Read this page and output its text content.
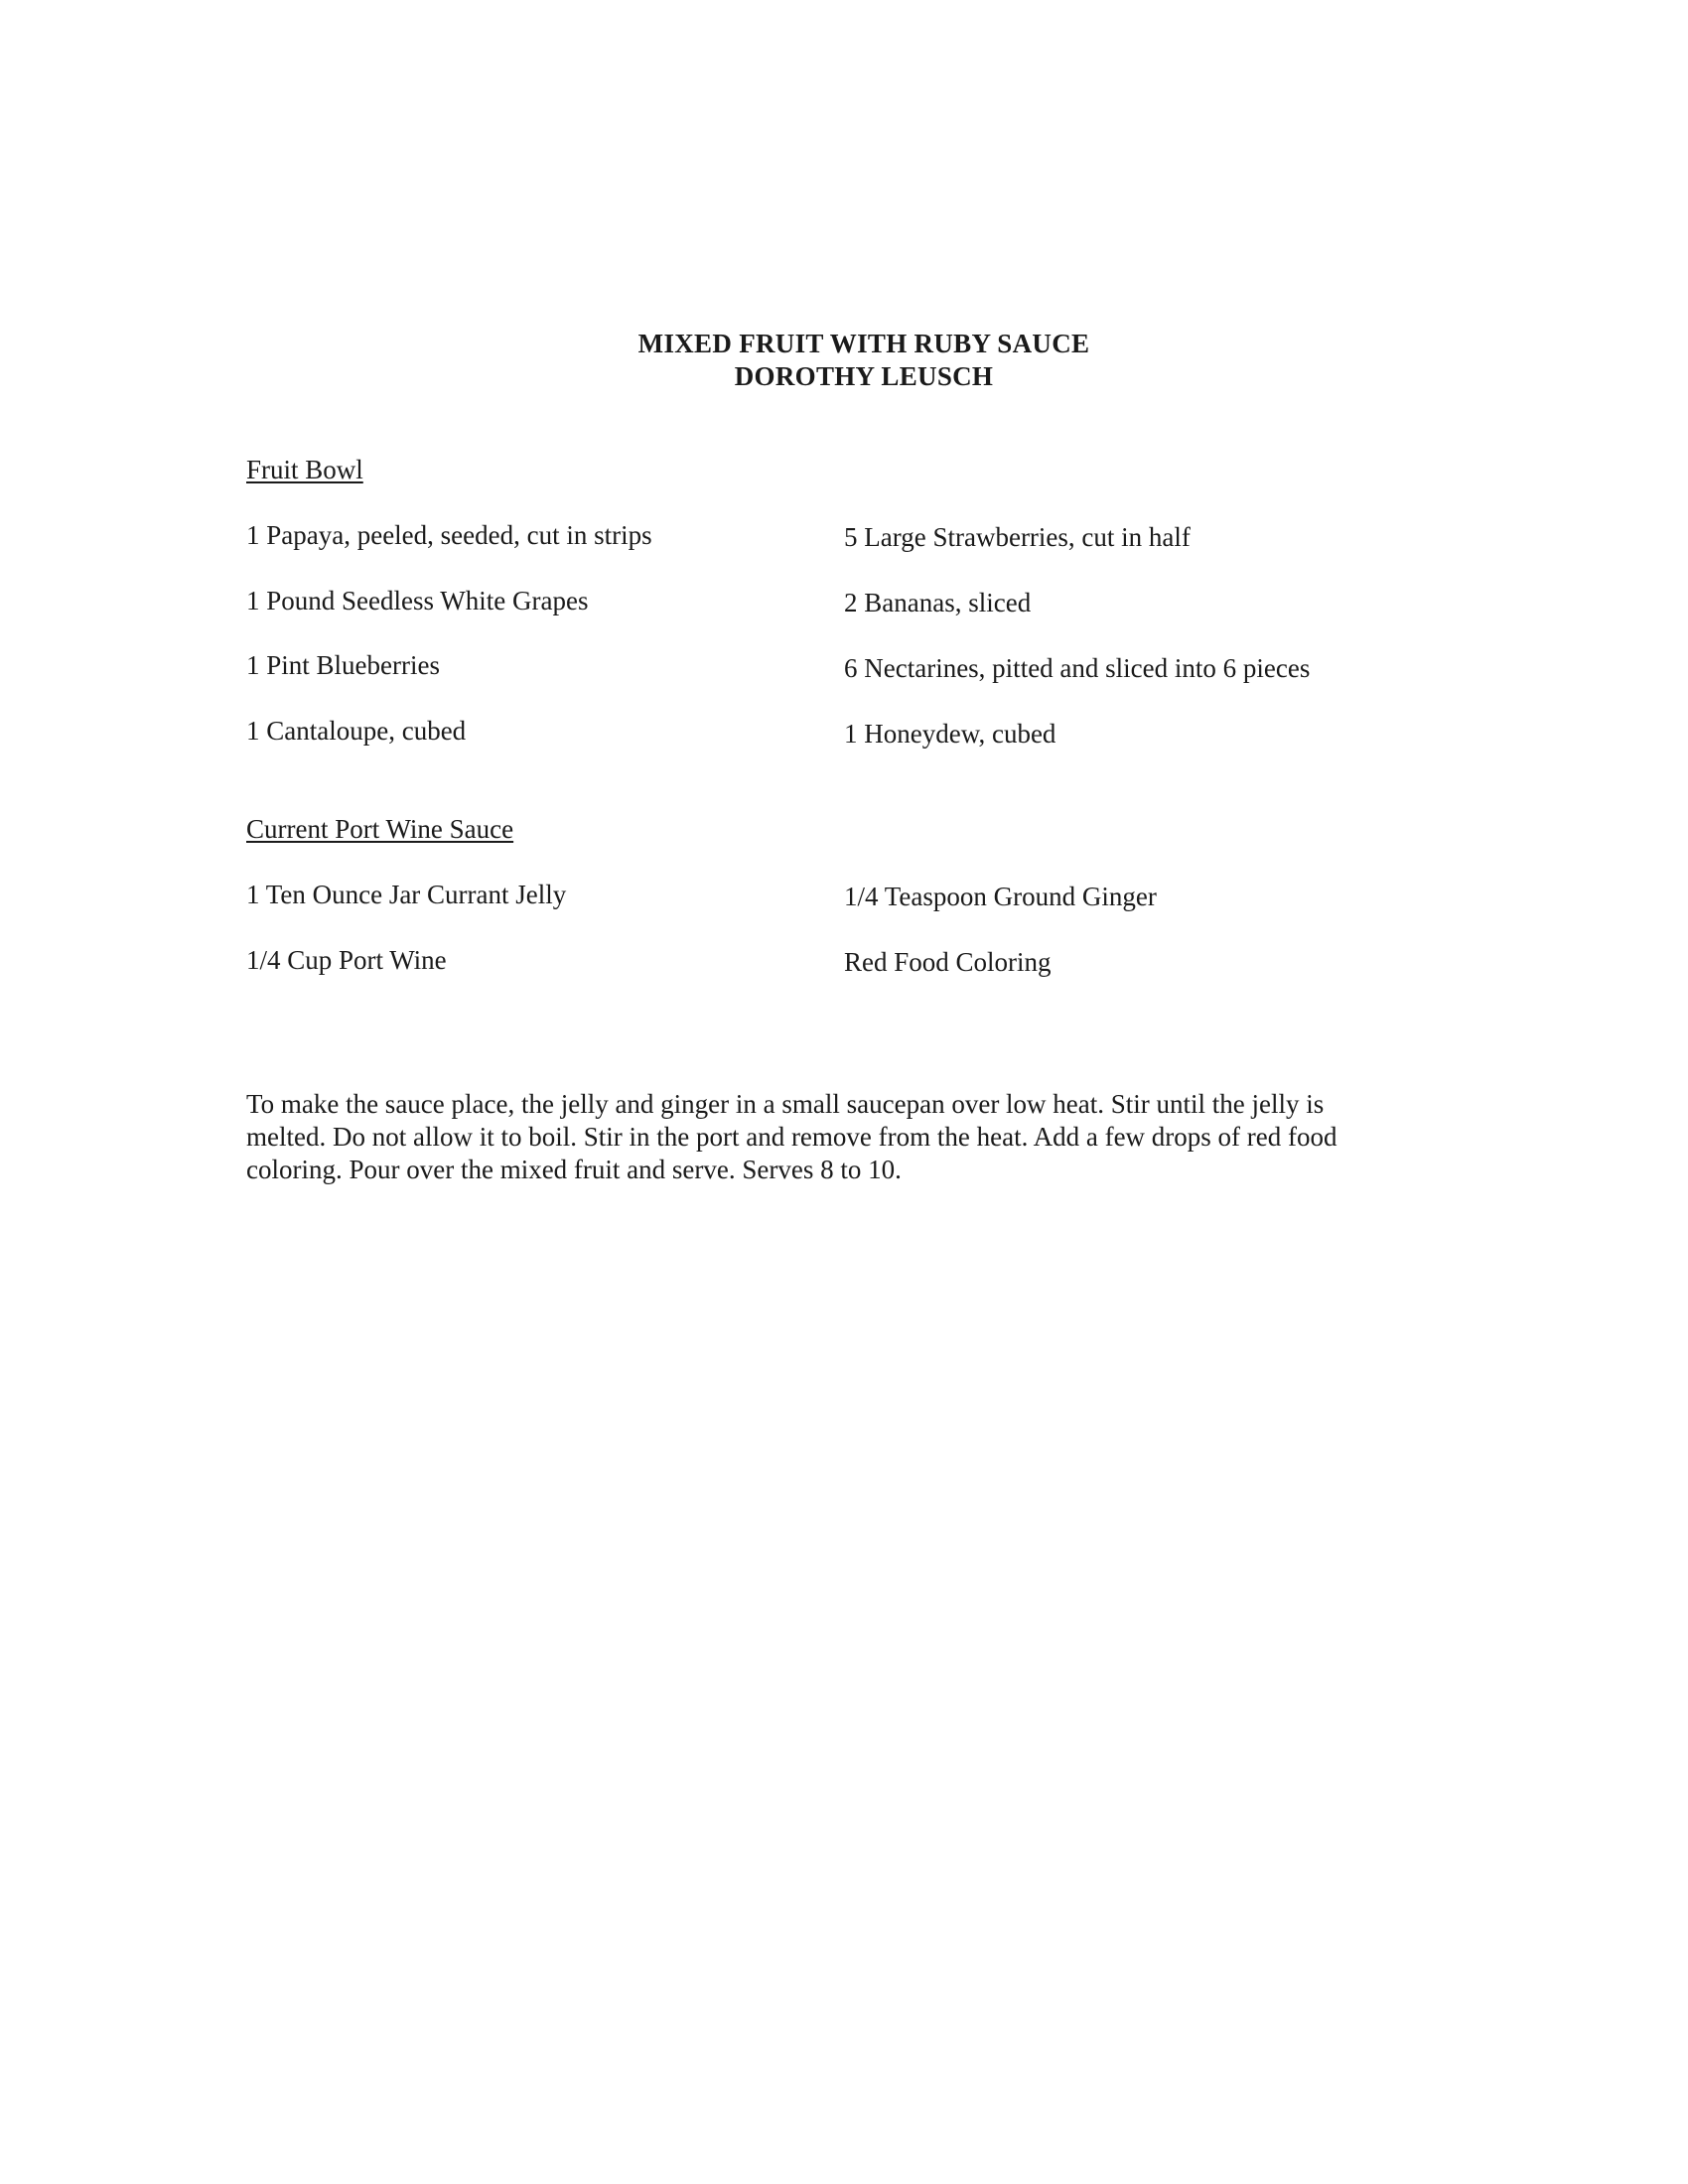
MIXED FRUIT WITH RUBY SAUCE
DOROTHY LEUSCH
Fruit Bowl
1 Papaya, peeled, seeded, cut in strips
1 Pound Seedless White Grapes
1 Pint Blueberries
1 Cantaloupe, cubed
5 Large Strawberries, cut in half
2 Bananas, sliced
6 Nectarines, pitted and sliced into 6 pieces
1 Honeydew, cubed
Current Port Wine Sauce
1 Ten Ounce Jar Currant Jelly
1/4 Cup Port Wine
1/4 Teaspoon Ground Ginger
Red Food Coloring
To make the sauce place, the jelly and ginger in a small saucepan over low heat. Stir until the jelly is
melted. Do not allow it to boil. Stir in the port and remove from the heat. Add a few drops of red food
coloring. Pour over the mixed fruit and serve. Serves 8 to 10.
